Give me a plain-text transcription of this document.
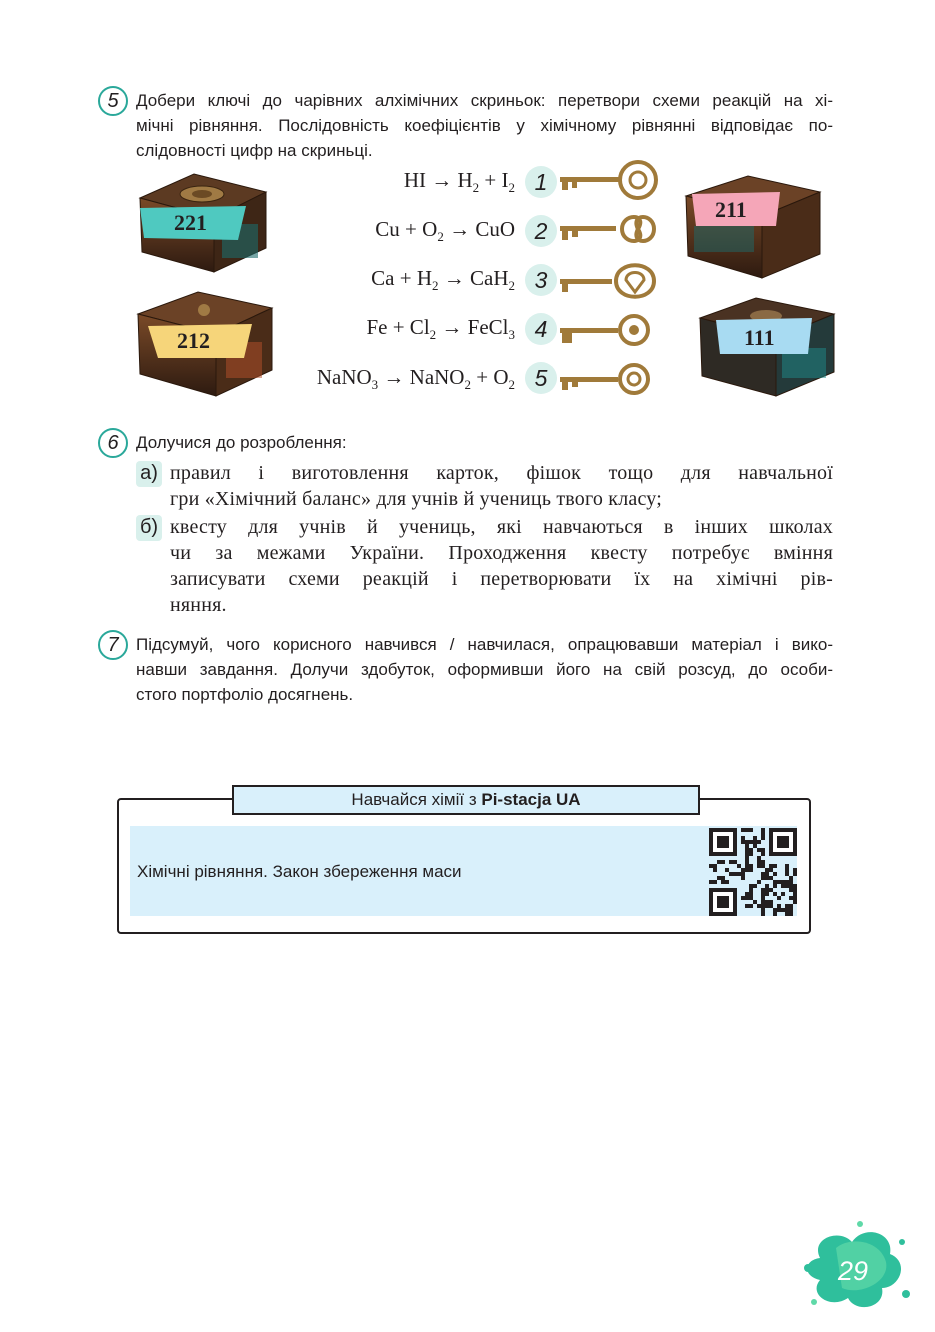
5	Добери ключі до чарівних алхімічних скриньок: перетвори схеми реакцій на хі-
мічні рівняння. Послідовність коефіцієнтів у хімічному рівнянні відповідає по-
слідовності цифр на скриньці.
221
212
211
111
HI → $H_2 + I_2$
$Cu + O_2$ → CuO
$Ca + H_2 \to CaH_2$
$Fe + Cl_2$ → FeCl$_3$
NaNO$_3$ → NaNO$_2$ + $O_2$
1
2
3
4
5
6	Долучися до розроблення:
а) правил і виготовлення карток, фішок тощо для навчальної
гри «Хімічний баланс» для учнів й учениць твого класу;
б) квесту для учнів й учениць, які навчаються в інших школах
чи за межами України. Проходження квесту потребує вміння
записувати схеми реакцій і перетворювати їх на хімічні рів-
няння.
7	Підсумуй, чого корисного навчився / навчилася, опрацювавши матеріал і вико-
навши завдання. Долучи здобуток, оформивши його на свій розсуд, до особи-
стого портфоліо досягнень.
Навчайся хімії з Pi-stacja UA
Хімічні рівняння. Закон збереження маси
29
